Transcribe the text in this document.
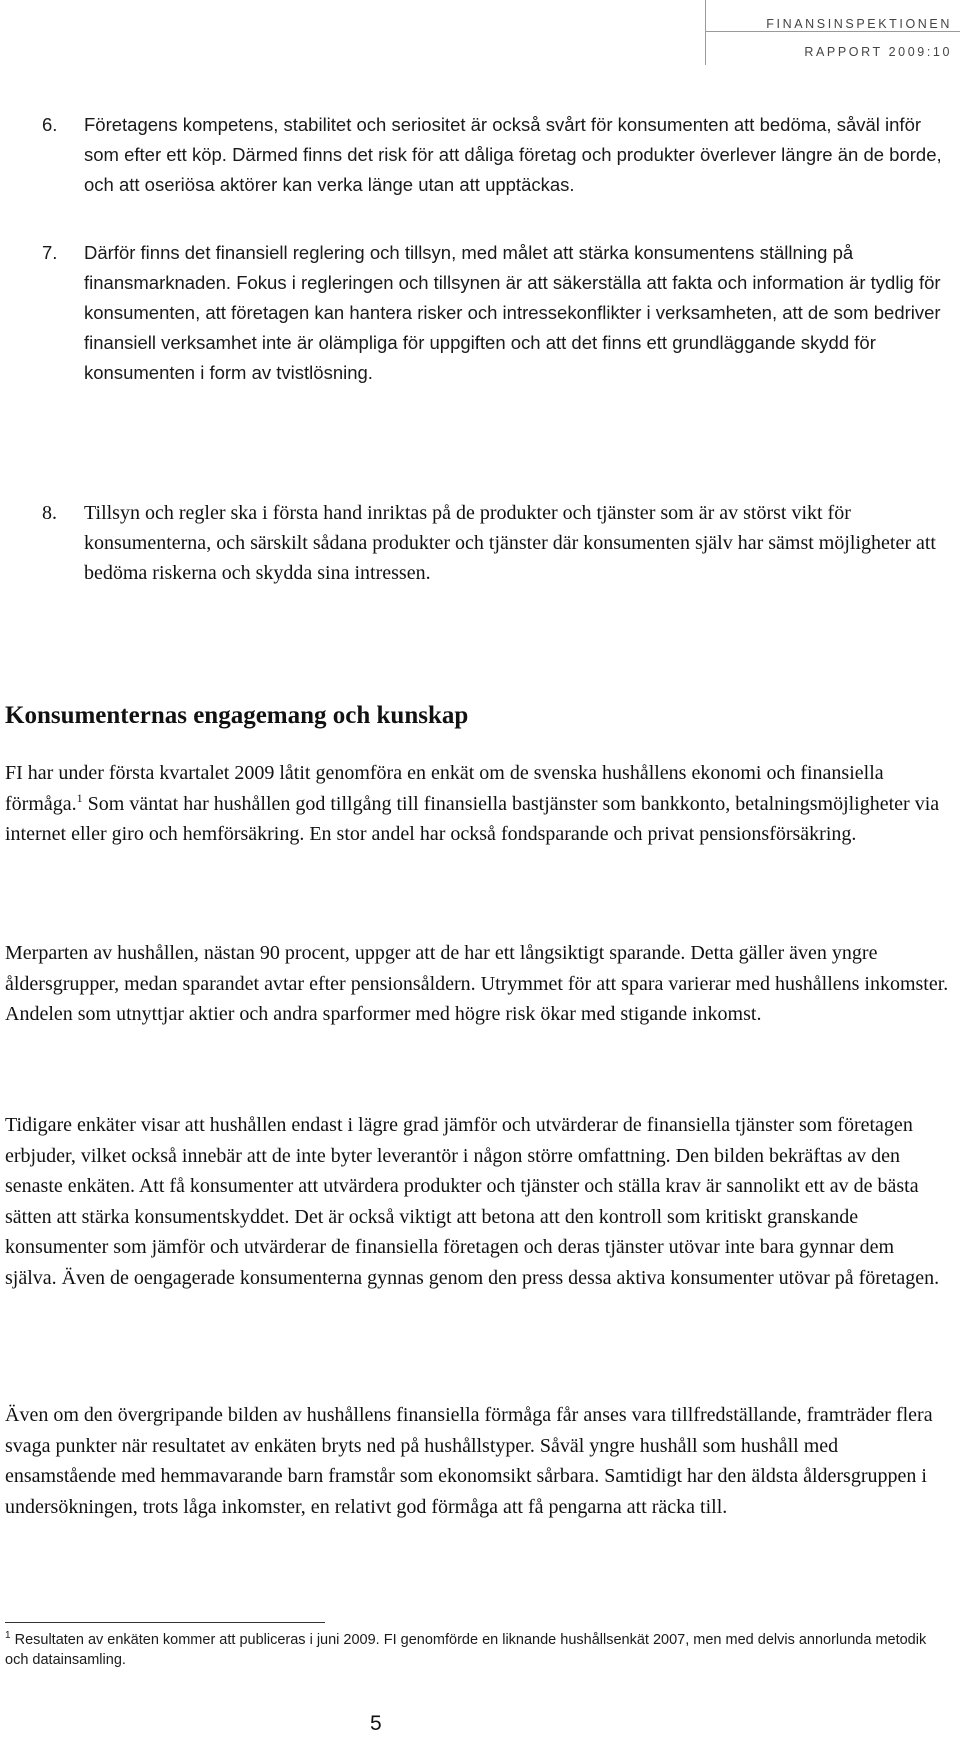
FINANSINSPEKTIONEN
RAPPORT 2009:10
6. Företagens kompetens, stabilitet och seriositet är också svårt för konsumenten att bedöma, såväl inför som efter ett köp. Därmed finns det risk för att dåliga företag och produkter överlever längre än de borde, och att oseriösa aktörer kan verka länge utan att upptäckas.
7. Därför finns det finansiell reglering och tillsyn, med målet att stärka konsumentens ställning på finansmarknaden. Fokus i regleringen och tillsynen är att säkerställa att fakta och information är tydlig för konsumenten, att företagen kan hantera risker och intressekonflikter i verksamheten, att de som bedriver finansiell verksamhet inte är olämpliga för uppgiften och att det finns ett grundläggande skydd för konsumenten i form av tvistlösning.
8. Tillsyn och regler ska i första hand inriktas på de produkter och tjänster som är av störst vikt för konsumenterna, och särskilt sådana produkter och tjänster där konsumenten själv har sämst möjligheter att bedöma riskerna och skydda sina intressen.
Konsumenternas engagemang och kunskap

FI har under första kvartalet 2009 låtit genomföra en enkät om de svenska hushållens ekonomi och finansiella förmåga.$^1$ Som väntat har hushållen god tillgång till finansiella bastjänster som bankkonto, betalningsmöjligheter via internet eller giro och hemförsäkring. En stor andel har också fondsparande och privat pensionsförsäkring.

Merparten av hushållen, nästan 90 procent, uppger att de har ett långsiktigt sparande. Detta gäller även yngre åldersgrupper, medan sparandet avtar efter pensionsåldern. Utrymmet för att spara varierar med hushållens inkomster. Andelen som utnyttjar aktier och andra sparformer med högre risk ökar med stigande inkomst.

Tidigare enkäter visar att hushållen endast i lägre grad jämför och utvärderar de finansiella tjänster som företagen erbjuder, vilket också innebär att de inte byter leverantör i någon större omfattning. Den bilden bekräftas av den senaste enkäten. Att få konsumenter att utvärdera produkter och tjänster och ställa krav är sannolikt ett av de bästa sätten att stärka konsumentskyddet. Det är också viktigt att betona att den kontroll som kritiskt granskande konsumenter som jämför och utvärderar de finansiella företagen och deras tjänster utövar inte bara gynnar dem själva. Även de oengagerade konsumenterna gynnas genom den press dessa aktiva konsumenter utövar på företagen.

Även om den övergripande bilden av hushållens finansiella förmåga får anses vara tillfredställande, framträder flera svaga punkter när resultatet av enkäten bryts ned på hushållstyper. Såväl yngre hushåll som hushåll med ensamstående med hemmavarande barn framstår som ekonomsikt sårbara. Samtidigt har den äldsta åldersgruppen i undersökningen, trots låga inkomster, en relativt god förmåga att få pengarna att räcka till.

$^1$ Resultaten av enkäten kommer att publiceras i juni 2009. FI genomförde en liknande hushållsenkät 2007, men med delvis annorlunda metodik och datainsamling.

5
